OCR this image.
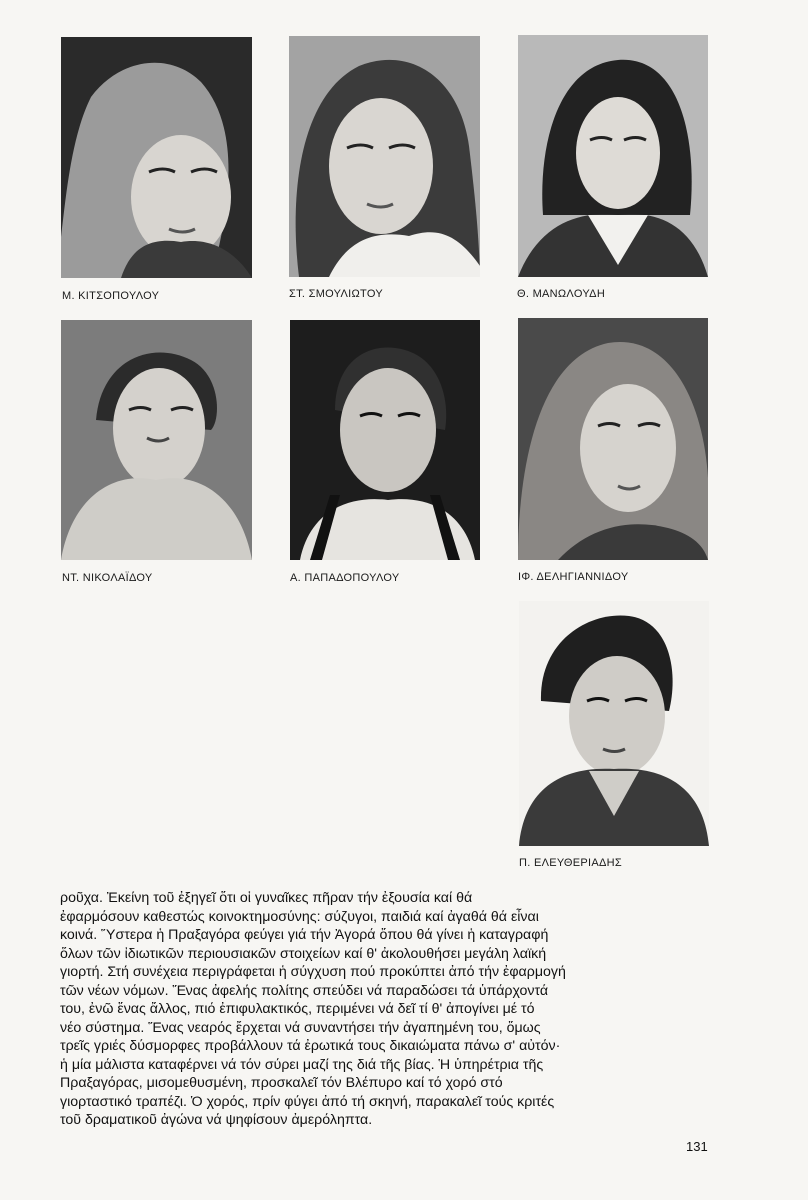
Μ. ΚΙΤΣΟΠΟΥΛΟΥ	ΣΤ. ΣΜΟΥΛΙΩΤΟΥ	Θ. ΜΑΝΩΛΟΥΔΗ
ΝΤ. ΝΙΚΟΛΑΪΔΟΥ	Α. ΠΑΠΑΔΟΠΟΥΛΟΥ	ΙΦ. ΔΕΛΗΓΙΑΝΝΙΔΟΥ
Π. ΕΛΕΥΘΕΡΙΑΔΗΣ

ροῦχα. Ἐκείνη τοῦ ἐξηγεῖ ὅτι οἱ γυναῖκες πῆραν τήν ἐξουσία καί θά
ἐφαρμόσουν καθεστώς κοινοκτημοσύνης: σύζυγοι, παιδιά καί ἀγαθά θά εἶναι
κοινά. Ὕστερα ἡ Πραξαγόρα φεύγει γιά τήν Ἀγορά ὅπου θά γίνει ἡ καταγραφή
ὅλων τῶν ἰδιωτικῶν περιουσιακῶν στοιχείων καί θ' ἀκολουθήσει μεγάλη λαϊκή
γιορτή. Στή συνέχεια περιγράφεται ἡ σύγχυση πού προκύπτει ἀπό τήν ἐφαρμογή
τῶν νέων νόμων. Ἕνας ἀφελής πολίτης σπεύδει νά παραδώσει τά ὑπάρχοντά
του, ἐνῶ ἕνας ἄλλος, πιό ἐπιφυλακτικός, περιμένει νά δεῖ τί θ' ἀπογίνει μέ τό
νέο σύστημα. Ἕνας νεαρός ἔρχεται νά συναντήσει τήν ἀγαπημένη του, ὅμως
τρεῖς γριές δύσμορφες προβάλλουν τά ἐρωτικά τους δικαιώματα πάνω σ' αὐτόν·
ἡ μία μάλιστα καταφέρνει νά τόν σύρει μαζί της διά τῆς βίας. Ἡ ὑπηρέτρια τῆς
Πραξαγόρας, μισομεθυσμένη, προσκαλεῖ τόν Βλέπυρο καί τό χορό στό
γιορταστικό τραπέζι. Ὁ χορός, πρίν φύγει ἀπό τή σκηνή, παρακαλεῖ τούς κριτές
τοῦ δραματικοῦ ἀγώνα νά ψηφίσουν ἀμερόληπτα.

131
